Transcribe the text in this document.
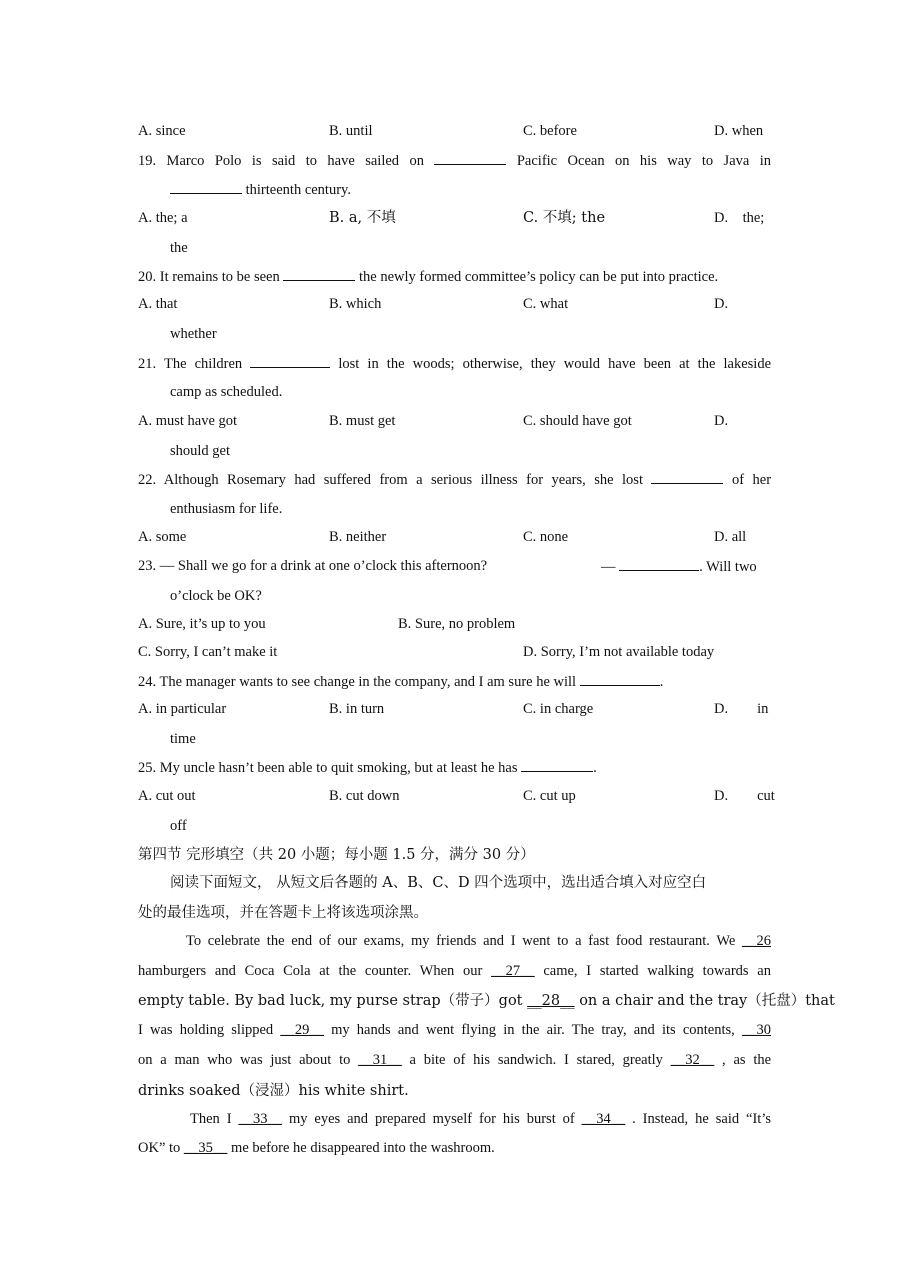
A. since	B. until	C. before	D. when
19. Marco Polo is said to have sailed on	Pacific Ocean on his way to Java in
thirteenth century.
A. the; a	B. a, 不填	C. 不填; the	D.    the;
the
20. It remains to be seen	the newly formed committee’s policy can be put into practice.
A. that	B. which	C. what	D.
whether
21. The children	lost in the woods; otherwise, they would have been at the lakeside
camp as scheduled.
A. must have got	B. must get	C. should have got	D.
should get
22. Although Rosemary had suffered from a serious illness for years, she lost	of her
enthusiasm for life.
A. some	B. neither	C. none	D. all
23. — Shall we go for a drink at one o’clock this afternoon?	—	. Will two
o’clock be OK?
A. Sure, it’s up to you	B. Sure, no problem
C. Sorry, I can’t make it	D. Sorry, I’m not available today
24. The manager wants to see change in the company, and I am sure he will	.
A. in particular	B. in turn	C. in charge	D.        in
time
25. My uncle hasn’t been able to quit smoking, but at least he has	.
A. cut out	B. cut down	C. cut up	D.        cut
off
第四节 完形填空（共 20 小题；每小题 1.5 分，满分 30 分）
阅读下面短文， 从短文后各题的 A、B、C、D 四个选项中，选出适合填入对应空白
处的最佳选项，并在答题卡上将该选项涂黑。
To celebrate the end of our exams, my friends and I went to a fast food restaurant. We __26
hamburgers and Coca Cola at the counter. When our __27__ came, I started walking towards an
empty table. By bad luck, my purse strap（带子）got __28__ on a chair and the tray（托盘）that
I was holding slipped __29__ my hands and went flying in the air. The tray, and its contents, __30
on a man who was just about to __31__ a bite of his sandwich. I stared, greatly __32__ , as the
drinks soaked（浸湿）his white shirt.
Then I __33__ my eyes and prepared myself for his burst of __34__ . Instead, he said “It’s
OK” to __35__ me before he disappeared into the washroom.
